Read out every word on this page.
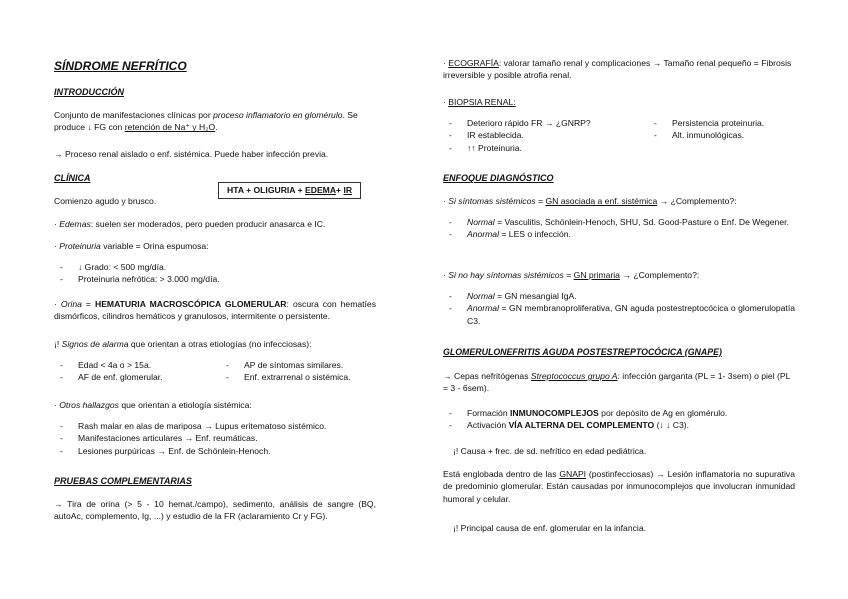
SÍNDROME NEFRÍTICO
INTRODUCCIÓN
Conjunto de manifestaciones clínicas por proceso inflamatorio en glomérulo. Se produce ↓ FG con retención de Na⁺ y H₂O.
→ Proceso renal aislado o enf. sistémica. Puede haber infección previa.
CLÍNICA
Comienzo agudo y brusco.
HTA + OLIGURIA + EDEMA+ IR
· Edemas: suelen ser moderados, pero pueden producir anasarca e IC.
· Proteinuria variable = Orina espumosa:
- ↓ Grado: < 500 mg/día.
- Proteinuria nefrótica: > 3.000 mg/día.
· Orina = HEMATURIA MACROSCÓPICA GLOMERULAR: oscura con hematíes dismórficos, cilindros hemáticos y granulosos, intermitente o persistente.
¡! Signos de alarma que orientan a otras etiologías (no infecciosas):
- Edad < 4a o > 15a.
- AF de enf. glomerular.
- AP de síntomas similares.
- Enf. extrarrenal o sistémica.
· Otros hallazgos que orientan a etiología sistémica:
- Rash malar en alas de mariposa → Lupus eritematoso sistémico.
- Manifestaciones articulares → Enf. reumáticas.
- Lesiones purpúricas → Enf. de Schönlein-Henoch.
PRUEBAS COMPLEMENTARIAS
→ Tira de orina (> 5 - 10 hemat./campo), sedimento, análisis de sangre (BQ, autoAc, complemento, Ig, ...) y estudio de la FR (aclaramiento Cr y FG).
· ECOGRAFÍA: valorar tamaño renal y complicaciones → Tamaño renal pequeño = Fibrosis irreversible y posible atrofia renal.
· BIOPSIA RENAL:
- Deterioro rápido FR → ¿GNRP?
- IR establecida.
- ↑↑ Proteinuria.
- Persistencia proteinuria.
- Alt. inmunológicas.
ENFOQUE DIAGNÓSTICO
· Si síntomas sistémicos = GN asociada a enf. sistémica → ¿Complemento?:
- Normal = Vasculitis, Schönlein-Henoch, SHU, Sd. Good-Pasture o Enf. De Wegener.
- Anormal = LES o infección.
· Si no hay síntomas sistémicos = GN primaria → ¿Complemento?:
- Normal = GN mesangial IgA.
- Anormal = GN membranoproliferativa, GN aguda postestreptocócica o glomerulopatía C3.
GLOMERULONEFRITIS AGUDA POSTESTREPTOCÓCICA (GNAPE)
→ Cepas nefritógenas Streptococcus grupo A: infección garganta (PL = 1- 3sem) o piel (PL = 3 - 6sem).
- Formación INMUNOCOMPLEJOS por depósito de Ag en glomérulo.
- Activación VÍA ALTERNA DEL COMPLEMENTO (↓ ↓ C3).
¡! Causa + frec. de sd. nefrítico en edad pediátrica.
Está englobada dentro de las GNAPI (postinfecciosas) → Lesión inflamatoria no supurativa de predominio glomerular. Están causadas por inmunocomplejos que involucran inmunidad humoral y celular.
¡! Principal causa de enf. glomerular en la infancia.
